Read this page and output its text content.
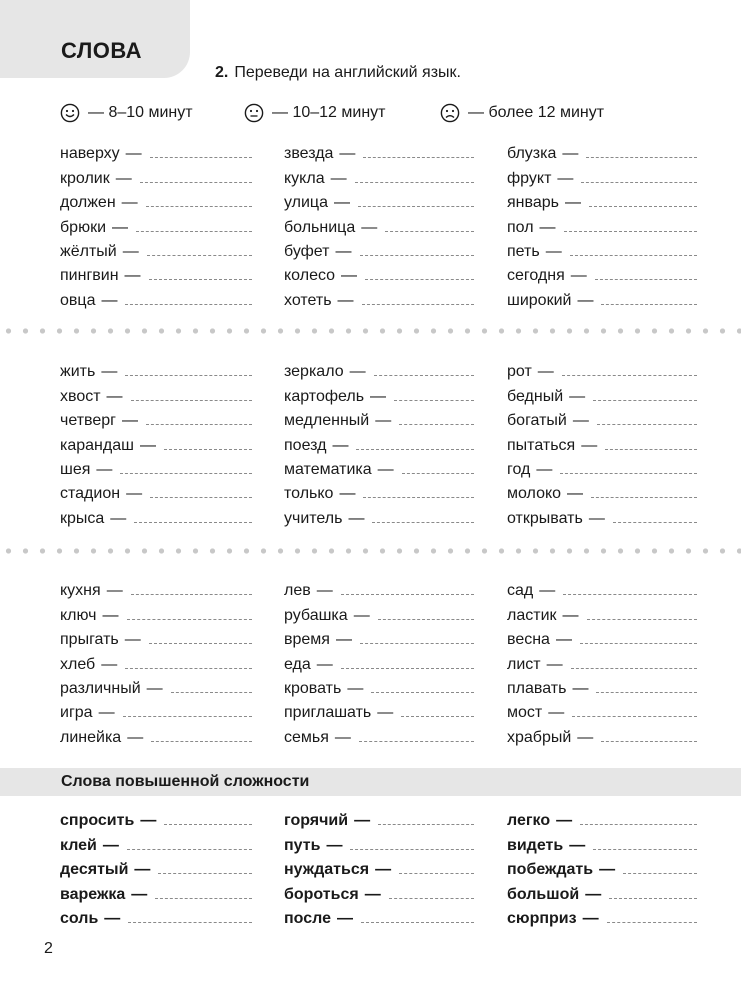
СЛОВА

2. Переведи на английский язык.

— 8–10 минут	— 10–12 минут	— более 12 минут
наверху —
кролик —
должен —
брюки —
жёлтый —
пингвин —
овца —
звезда —
кукла —
улица —
больница —
буфет —
колесо —
хотеть —
блузка —
фрукт —
январь —
пол —
петь —
сегодня —
широкий —
жить —
хвост —
четверг —
карандаш —
шея —
стадион —
крыса —
зеркало —
картофель —
медленный —
поезд —
математика —
только —
учитель —
рот —
бедный —
богатый —
пытаться —
год —
молоко —
открывать —
кухня —
ключ —
прыгать —
хлеб —
различный —
игра —
линейка —
лев —
рубашка —
время —
еда —
кровать —
приглашать —
семья —
сад —
ластик —
весна —
лист —
плавать —
мост —
храбрый —
Слова повышенной сложности
спросить —
клей —
десятый —
варежка —
соль —
горячий —
путь —
нуждаться —
бороться —
после —
легко —
видеть —
побеждать —
большой —
сюрприз —

2
